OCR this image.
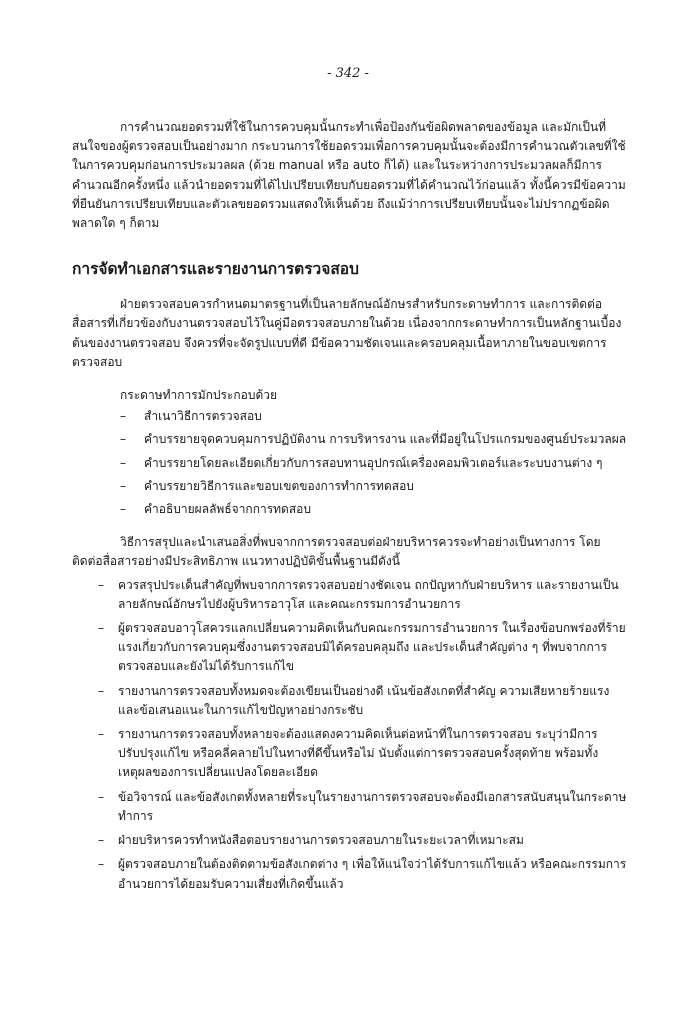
- 342 -

การคำนวณยอดรวมที่ใช้ในการควบคุมนั้นกระทำเพื่อป้องกันข้อผิดพลาดของข้อมูล และมักเป็นที่สนใจของผู้ตรวจสอบเป็นอย่างมาก กระบวนการใช้ยอดรวมเพื่อการควบคุมนั้นจะต้องมีการคำนวณตัวเลขที่ใช้ในการควบคุมก่อนการประมวลผล (ด้วย manual หรือ auto ก็ได้) และในระหว่างการประมวลผลก็มีการคำนวณอีกครั้งหนึ่ง แล้วนำยอดรวมที่ได้ไปเปรียบเทียบกับยอดรวมที่ได้คำนวณไว้ก่อนแล้ว ทั้งนี้ควรมีข้อความที่ยืนยันการเปรียบเทียบและตัวเลขยอดรวมแสดงให้เห็นด้วย ถึงแม้ว่าการเปรียบเทียบนั้นจะไม่ปรากฏข้อผิดพลาดใด ๆ ก็ตาม

การจัดทำเอกสารและรายงานการตรวจสอบ

ฝ่ายตรวจสอบควรกำหนดมาตรฐานที่เป็นลายลักษณ์อักษรสำหรับกระดาษทำการ และการติดต่อสื่อสารที่เกี่ยวข้องกับงานตรวจสอบไว้ในคู่มือตรวจสอบภายในด้วย เนื่องจากกระดาษทำการเป็นหลักฐานเบื้องต้นของงานตรวจสอบ จึงควรที่จะจัดรูปแบบที่ดี มีข้อความชัดเจนและครอบคลุมเนื้อหาภายในขอบเขตการตรวจสอบ

กระดาษทำการมักประกอบด้วย

– สำเนาวิธีการตรวจสอบ
– คำบรรยายจุดควบคุมการปฏิบัติงาน การบริหารงาน และที่มีอยู่ในโปรแกรมของศูนย์ประมวลผล
– คำบรรยายโดยละเอียดเกี่ยวกับการสอบทานอุปกรณ์เครื่องคอมพิวเตอร์และระบบงานต่าง ๆ
– คำบรรยายวิธีการและขอบเขตของการทำการทดสอบ
– คำอธิบายผลลัพธ์จากการทดสอบ

วิธีการสรุปและนำเสนอสิ่งที่พบจากการตรวจสอบต่อฝ่ายบริหารควรจะทำอย่างเป็นทางการ โดยติดต่อสื่อสารอย่างมีประสิทธิภาพ แนวทางปฏิบัติขั้นพื้นฐานมีดังนี้

– ควรสรุปประเด็นสำคัญที่พบจากการตรวจสอบอย่างชัดเจน ถกปัญหากับฝ่ายบริหาร และรายงานเป็นลายลักษณ์อักษรไปยังผู้บริหารอาวุโส และคณะกรรมการอำนวยการ
– ผู้ตรวจสอบอาวุโสควรแลกเปลี่ยนความคิดเห็นกับคณะกรรมการอำนวยการ ในเรื่องข้อบกพร่องที่ร้ายแรงเกี่ยวกับการควบคุมซึ่งงานตรวจสอบมิได้ครอบคลุมถึง และประเด็นสำคัญต่าง ๆ ที่พบจากการตรวจสอบและยังไม่ได้รับการแก้ไข
– รายงานการตรวจสอบทั้งหมดจะต้องเขียนเป็นอย่างดี เน้นข้อสังเกตที่สำคัญ ความเสียหายร้ายแรง และข้อเสนอแนะในการแก้ไขปัญหาอย่างกระชับ
– รายงานการตรวจสอบทั้งหลายจะต้องแสดงความคิดเห็นต่อหน้าที่ในการตรวจสอบ ระบุว่ามีการปรับปรุงแก้ไข หรือคลี่คลายไปในทางที่ดีขึ้นหรือไม่ นับตั้งแต่การตรวจสอบครั้งสุดท้าย พร้อมทั้งเหตุผลของการเปลี่ยนแปลงโดยละเอียด
– ข้อวิจารณ์ และข้อสังเกตทั้งหลายที่ระบุในรายงานการตรวจสอบจะต้องมีเอกสารสนับสนุนในกระดาษทำการ
– ฝ่ายบริหารควรทำหนังสือตอบรายงานการตรวจสอบภายในระยะเวลาที่เหมาะสม
– ผู้ตรวจสอบภายในต้องติดตามข้อสังเกตต่าง ๆ เพื่อให้แน่ใจว่าได้รับการแก้ไขแล้ว หรือคณะกรรมการอำนวยการได้ยอมรับความเสี่ยงที่เกิดขึ้นแล้ว
